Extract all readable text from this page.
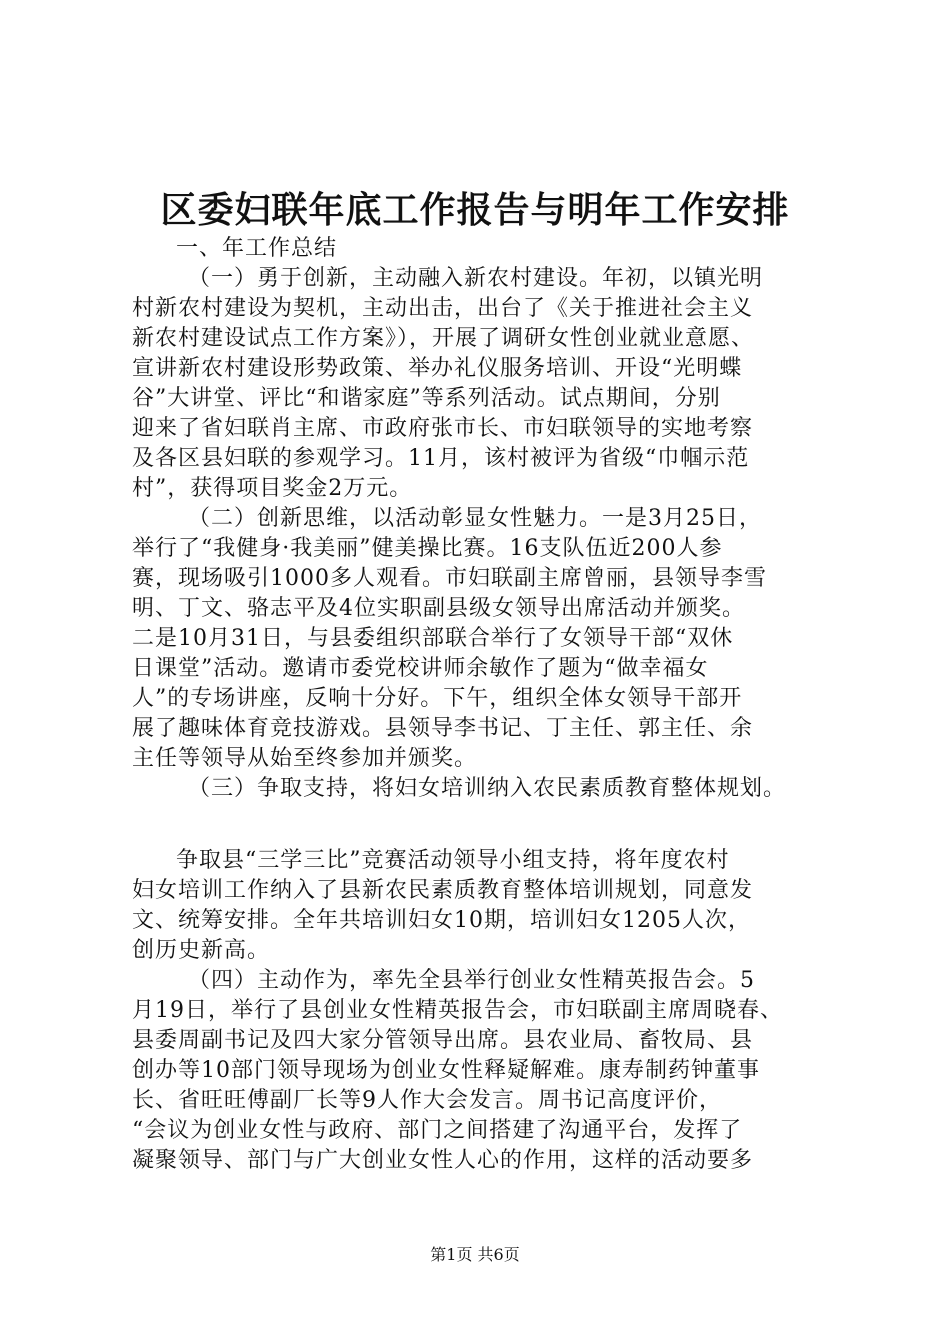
区委妇联年底工作报告与明年工作安排
一、年工作总结
（一）勇于创新，主动融入新农村建设。年初，以镇光明
村新农村建设为契机，主动出击，出台了《关于推进社会主义
新农村建设试点工作方案》），开展了调研女性创业就业意愿、
宣讲新农村建设形势政策、举办礼仪服务培训、开设“光明蝶
谷”大讲堂、评比“和谐家庭”等系列活动。试点期间，分别
迎来了省妇联肖主席、市政府张市长、市妇联领导的实地考察
及各区县妇联的参观学习。11月，该村被评为省级“巾帼示范
村”，获得项目奖金2万元。
（二）创新思维，以活动彰显女性魅力。一是3月25日，
举行了“我健身·我美丽”健美操比赛。16支队伍近200人参
赛，现场吸引1000多人观看。市妇联副主席曾丽，县领导李雪
明、丁文、骆志平及4位实职副县级女领导出席活动并颁奖。
二是10月31日，与县委组织部联合举行了女领导干部“双休
日课堂”活动。邀请市委党校讲师余敏作了题为“做幸福女
人”的专场讲座，反响十分好。下午，组织全体女领导干部开
展了趣味体育竞技游戏。县领导李书记、丁主任、郭主任、余
主任等领导从始至终参加并颁奖。
（三）争取支持，将妇女培训纳入农民素质教育整体规划。
争取县“三学三比”竞赛活动领导小组支持，将年度农村
妇女培训工作纳入了县新农民素质教育整体培训规划，同意发
文、统筹安排。全年共培训妇女10期，培训妇女1205人次，
创历史新高。
（四）主动作为，率先全县举行创业女性精英报告会。5
月19日，举行了县创业女性精英报告会，市妇联副主席周晓春、
县委周副书记及四大家分管领导出席。县农业局、畜牧局、县
创办等10部门领导现场为创业女性释疑解难。康寿制药钟董事
长、省旺旺傅副厂长等9人作大会发言。周书记高度评价，
“会议为创业女性与政府、部门之间搭建了沟通平台，发挥了
凝聚领导、部门与广大创业女性人心的作用，这样的活动要多
第1页 共6页
